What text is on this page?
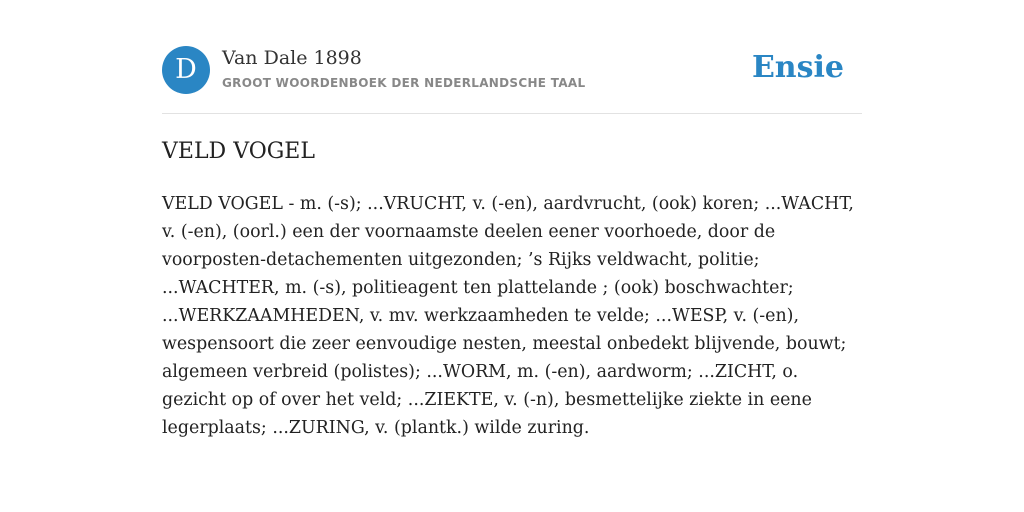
D	Van Dale 1898
GROOT WOORDENBOEK DER NEDERLANDSCHE TAAL	Ensie
VELD VOGEL

VELD VOGEL - m. (-s); ...VRUCHT, v. (-en), aardvrucht, (ook) koren; ...WACHT, v. (-en), (oorl.) een der voornaamste deelen eener voorhoede, door de voorposten-detachementen uitgezonden; ’s Rijks veldwacht, politie; ...WACHTER, m. (-s), politieagent ten plattelande ; (ook) boschwachter; ...WERKZAAMHEDEN, v. mv. werkzaamheden te velde; ...WESP, v. (-en), wespensoort die zeer eenvoudige nesten, meestal onbedekt blijvende, bouwt; algemeen verbreid (polistes); ...WORM, m. (-en), aardworm; ...ZICHT, o. gezicht op of over het veld; ...ZIEKTE, v. (-n), besmettelijke ziekte in eene legerplaats; ...ZURING, v. (plantk.) wilde zuring.
